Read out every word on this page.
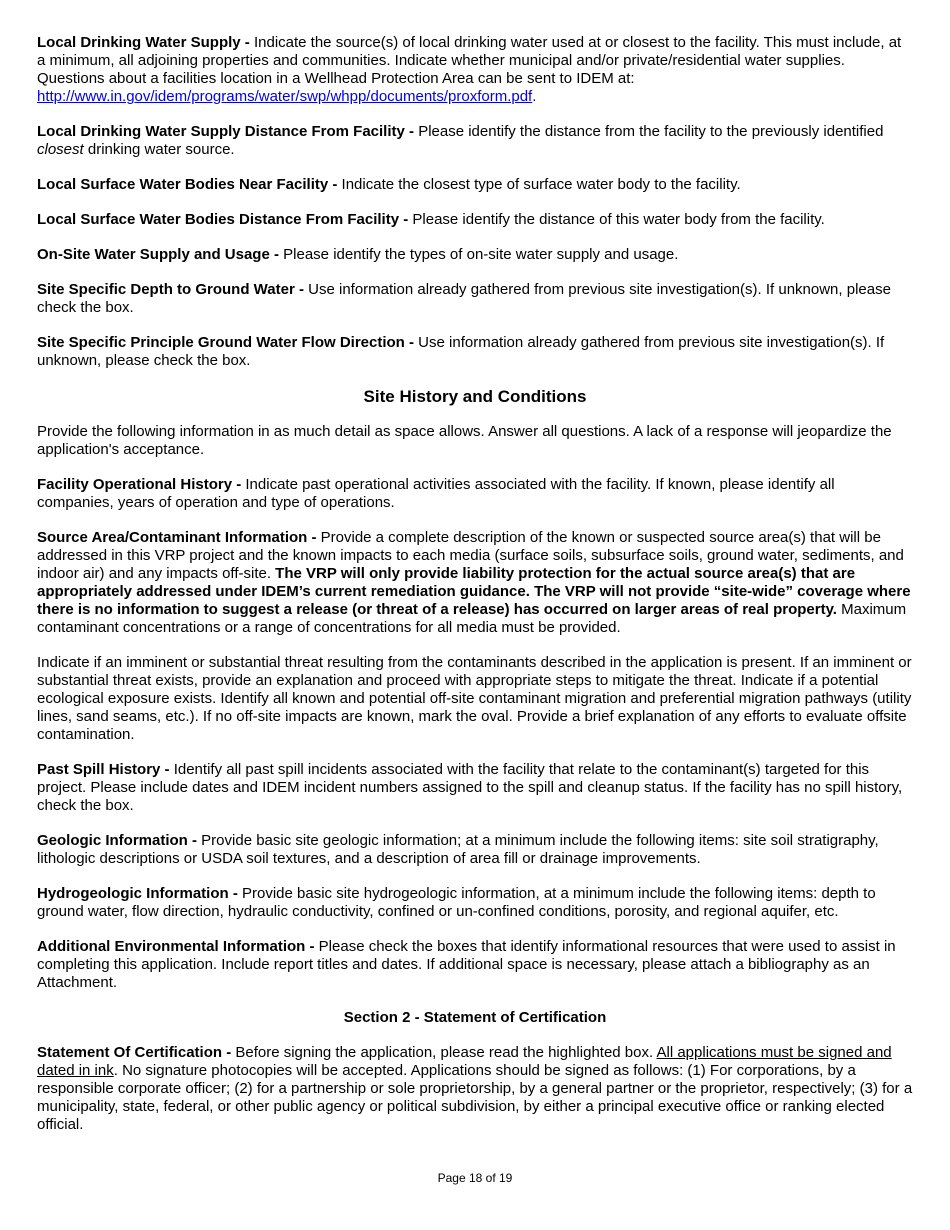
Local Drinking Water Supply - Indicate the source(s) of local drinking water used at or closest to the facility. This must include, at a minimum, all adjoining properties and communities. Indicate whether municipal and/or private/residential water supplies. Questions about a facilities location in a Wellhead Protection Area can be sent to IDEM at: http://www.in.gov/idem/programs/water/swp/whpp/documents/proxform.pdf.

Local Drinking Water Supply Distance From Facility - Please identify the distance from the facility to the previously identified closest drinking water source.

Local Surface Water Bodies Near Facility - Indicate the closest type of surface water body to the facility.

Local Surface Water Bodies Distance From Facility - Please identify the distance of this water body from the facility.

On-Site Water Supply and Usage - Please identify the types of on-site water supply and usage.

Site Specific Depth to Ground Water - Use information already gathered from previous site investigation(s). If unknown, please check the box.

Site Specific Principle Ground Water Flow Direction - Use information already gathered from previous site investigation(s). If unknown, please check the box.

Site History and Conditions

Provide the following information in as much detail as space allows. Answer all questions. A lack of a response will jeopardize the application's acceptance.

Facility Operational History - Indicate past operational activities associated with the facility. If known, please identify all companies, years of operation and type of operations.

Source Area/Contaminant Information - Provide a complete description of the known or suspected source area(s) that will be addressed in this VRP project and the known impacts to each media (surface soils, subsurface soils, ground water, sediments, and indoor air) and any impacts off-site. The VRP will only provide liability protection for the actual source area(s) that are appropriately addressed under IDEM’s current remediation guidance. The VRP will not provide “site-wide” coverage where there is no information to suggest a release (or threat of a release) has occurred on larger areas of real property. Maximum contaminant concentrations or a range of concentrations for all media must be provided.

Indicate if an imminent or substantial threat resulting from the contaminants described in the application is present. If an imminent or substantial threat exists, provide an explanation and proceed with appropriate steps to mitigate the threat. Indicate if a potential ecological exposure exists. Identify all known and potential off-site contaminant migration and preferential migration pathways (utility lines, sand seams, etc.). If no off-site impacts are known, mark the oval. Provide a brief explanation of any efforts to evaluate offsite contamination.

Past Spill History - Identify all past spill incidents associated with the facility that relate to the contaminant(s) targeted for this project. Please include dates and IDEM incident numbers assigned to the spill and cleanup status. If the facility has no spill history, check the box.

Geologic Information - Provide basic site geologic information; at a minimum include the following items: site soil stratigraphy, lithologic descriptions or USDA soil textures, and a description of area fill or drainage improvements.

Hydrogeologic Information - Provide basic site hydrogeologic information, at a minimum include the following items: depth to ground water, flow direction, hydraulic conductivity, confined or un-confined conditions, porosity, and regional aquifer, etc.

Additional Environmental Information - Please check the boxes that identify informational resources that were used to assist in completing this application. Include report titles and dates. If additional space is necessary, please attach a bibliography as an Attachment.

Section 2 - Statement of Certification

Statement Of Certification - Before signing the application, please read the highlighted box. All applications must be signed and dated in ink. No signature photocopies will be accepted. Applications should be signed as follows: (1) For corporations, by a responsible corporate officer; (2) for a partnership or sole proprietorship, by a general partner or the proprietor, respectively; (3) for a municipality, state, federal, or other public agency or political subdivision, by either a principal executive office or ranking elected official.

Page 18 of 19
